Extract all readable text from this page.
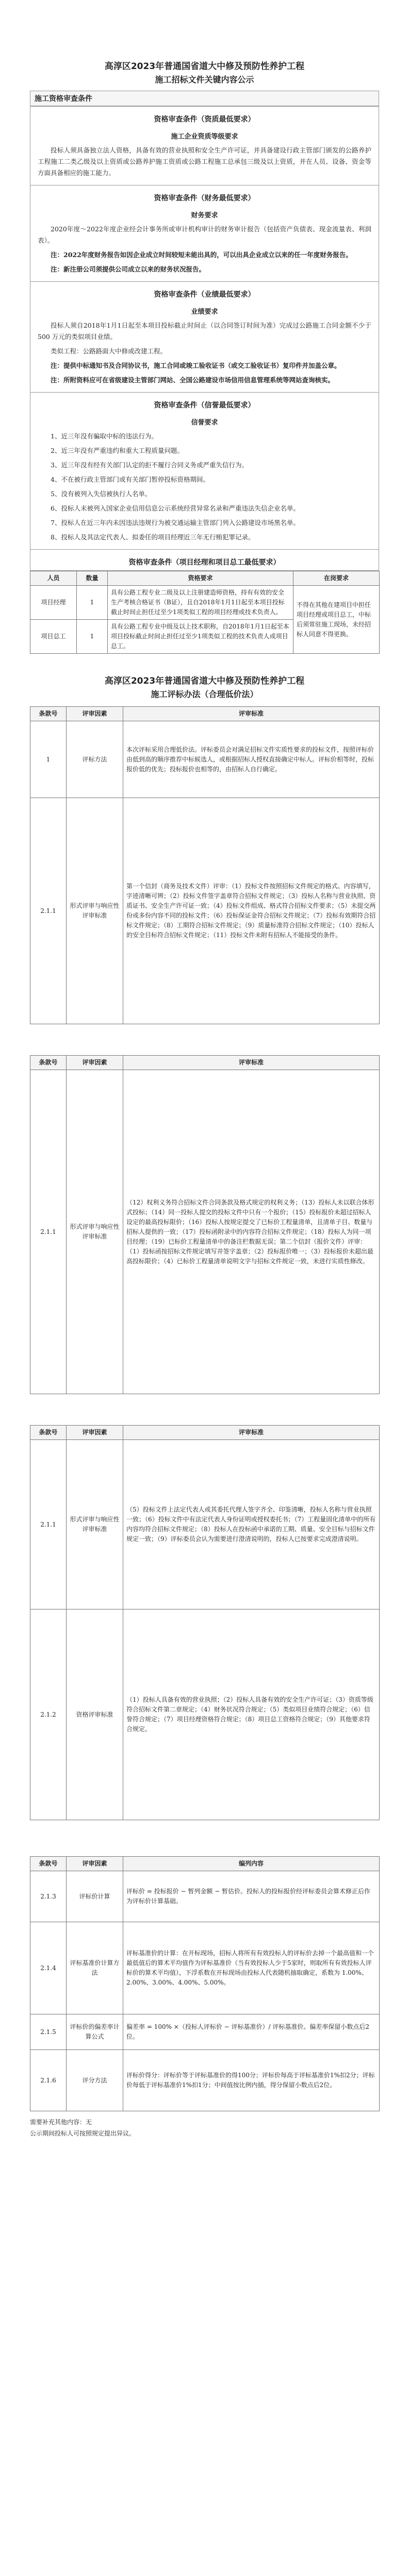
高淳区2023年普通国省道大中修及预防性养护工程
施工招标文件关键内容公示
施工资格审查条件
资格审查条件（资质最低要求）
施工企业资质等级要求

投标人须具备独立法人资格，具备有效的营业执照和安全生产许可证，并具备建设行政主管部门颁发的公路养护工程施工二类乙级及以上资质或公路养护施工资质或公路工程施工总承包三级及以上资质，并在人员、设备、资金等方面具备相应的施工能力。

资格审查条件（财务最低要求）
财务要求

2020年度～2022年度企业经会计事务所或审计机构审计的财务审计报告（包括资产负债表、现金流量表、利润表）。

注：2022年度财务报告如因企业成立时间较短未能出具的，可以出具企业成立以来的任一年度财务报告。

注：新注册公司须提供公司成立以来的财务状况报告。

资格审查条件（业绩最低要求）
业绩要求

投标人须自2018年1月1日起至本项目投标截止时间止（以合同签订时间为准）完成过公路施工合同金额不少于 500 万元的类似项目业绩。

类似工程：公路路面大中修或改建工程。

注：提供中标通知书及合同协议书，施工合同或竣工验收证书（或交工验收证书）复印件并加盖公章。

注：所附资料应可在省级建设主管部门网站、全国公路建设市场信用信息管理系统等网站查询核实。

资格审查条件（信誉最低要求）
信誉要求

1、近三年没有骗取中标的违法行为。

2、近三年没有严重违约和重大工程质量问题。

3、近三年没有经有关部门认定的拒不履行合同义务或严重失信行为。

4、不在被行政主管部门或有关部门暂停投标资格期间。

5、没有被列入失信被执行人名单。

6、投标人未被列入国家企业信用信息公示系统经营异常名录和严重违法失信企业名单。

7、投标人在近三年内未因违法违规行为被交通运输主管部门列入公路建设市场黑名单。

8、投标人及其法定代表人、拟委任的项目经理近三年无行贿犯罪记录。

资格审查条件（项目经理和项目总工最低要求）
人员	数量	资格要求	在岗要求
项目经理	1	具有公路工程专业二级及以上注册建造师资格，持有有效的安全生产考核合格证书（B证），且自2018年1月1日起至本项目投标截止时间止担任过至少1项类似工程的项目经理或技术负责人。	不得在其他在建项目中担任项目经理或项目总工，中标后须常驻施工现场，未经招标人同意不得更换。
项目总工	1	具有公路工程专业中级及以上技术职称，自2018年1月1日起至本项目投标截止时间止担任过至少1项类似工程的技术负责人或项目总工。	
高淳区2023年普通国省道大中修及预防性养护工程
施工评标办法（合理低价法）
条款号	评审因素	评审标准
1	评标方法	本次评标采用合理低价法。评标委员会对满足招标文件实质性要求的投标文件，按照评标价由低到高的顺序推荐中标候选人，或根据招标人授权直接确定中标人。评标价相等时，投标报价低的优先；投标报价也相等的，由招标人自行确定。
2.1.1	形式评审与响应性评审标准	第一个信封（商务及技术文件）评审：（1）投标文件按照招标文件规定的格式、内容填写，字迹清晰可辨；（2）投标文件签字盖章符合招标文件规定；（3）投标人名称与营业执照、资质证书、安全生产许可证一致；（4）投标文件组成、格式符合招标文件要求；（5）未提交两份或多份内容不同的投标文件；（6）投标保证金符合招标文件规定；（7）投标有效期符合招标文件规定；（8）工期符合招标文件规定；（9）质量标准符合招标文件规定；（10）投标人的安全目标符合招标文件规定；（11）投标文件未附有招标人不能接受的条件。
条款号	评审因素	评审标准
2.1.1	形式评审与响应性评审标准	（12）权利义务符合招标文件合同条款及格式规定的权利义务；（13）投标人未以联合体形式投标；（14）同一投标人提交的投标文件中只有一个报价；（15）投标报价未超过招标人设定的最高投标限价；（16）投标人按规定提交了已标价工程量清单，且清单子目、数量与招标人提供的一致；（17）投标函附录中的内容符合招标文件规定；（18）投标人为同一项目经理；（19）已标价工程量清单中的备注栏数据无误；第二个信封（报价文件）评审：（1）投标函按招标文件规定填写并签字盖章；（2）投标报价唯一；（3）投标报价未超出最高投标限价；（4）已标价工程量清单说明文字与招标文件规定一致，未进行实质性修改。
条款号	评审因素	评审标准
2.1.1	形式评审与响应性评审标准	（5）投标文件上法定代表人或其委托代理人签字齐全、印鉴清晰，投标人名称与营业执照一致；（6）投标文件中有法定代表人身份证明或授权委托书；（7）工程量固化清单中的所有内容均符合招标文件规定；（8）投标人在投标函中承诺的工期、质量、安全目标与招标文件规定一致；（9）评标委员会认为需要进行澄清说明的，投标人已按要求完成澄清说明。
2.1.2	资格评审标准	（1）投标人具备有效的营业执照；（2）投标人具备有效的安全生产许可证；（3）资质等级符合招标文件第二章规定；（4）财务状况符合规定；（5）类似项目业绩符合规定；（6）信誉符合规定；（7）项目经理资格符合规定；（8）项目总工资格符合规定；（9）其他要求符合规定。
条款号	评审因素	编列内容
2.1.3	评标价计算	评标价 = 投标报价 − 暂列金额 − 暂估价。投标人的投标报价经评标委员会算术修正后作为评标价计算基础。
2.1.4	评标基准价计算方法	评标基准价的计算：在开标现场，招标人将所有有效投标人的评标价去掉一个最高值和一个最低值后的算术平均值作为评标基准价（当有效投标人少于5家时，则取所有有效投标人评标价的算术平均值），下浮系数在开标现场由投标人代表随机抽取确定，系数为 1.00%、2.00%、3.00%、4.00%、5.00%。
2.1.5	评标价的偏差率计算公式	偏差率 = 100% ×（投标人评标价 − 评标基准价）/ 评标基准价。偏差率保留小数点后2位。
2.1.6	评分方法	评标价得分：评标价等于评标基准价的得100分；评标价每高于评标基准价1%扣2分；评标价每低于评标基准价1%扣1分；中间值按比例内插，得分保留小数点后2位。
需要补充其他内容：无
公示期间投标人可按照规定提出异议。
